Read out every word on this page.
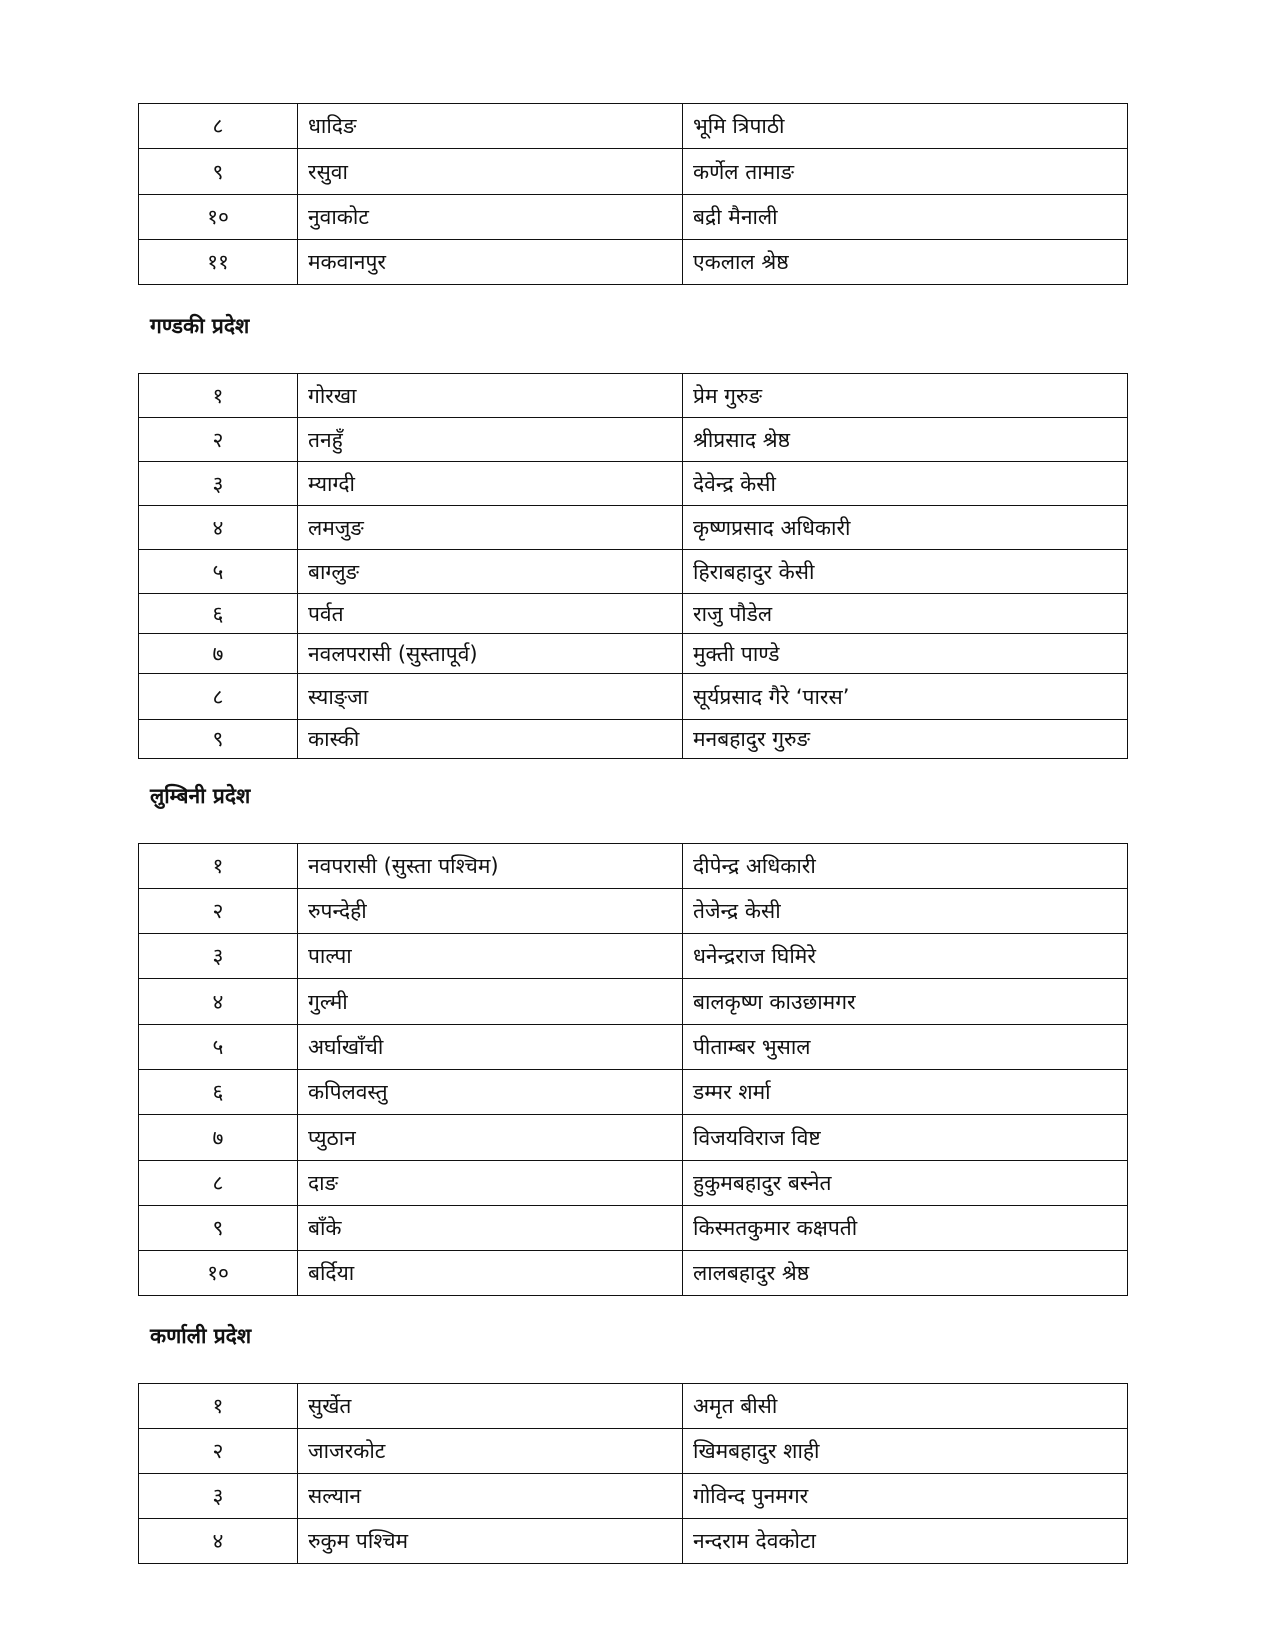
८	धादिङ	भूमि त्रिपाठी
९	रसुवा	कर्णेल तामाङ
१०	नुवाकोट	बद्री मैनाली
११	मकवानपुर	एकलाल श्रेष्ठ
गण्डकी प्रदेश
१	गोरखा	प्रेम गुरुङ
२	तनहुँ	श्रीप्रसाद श्रेष्ठ
३	म्याग्दी	देवेन्द्र केसी
४	लमजुङ	कृष्णप्रसाद अधिकारी
५	बाग्लुङ	हिराबहादुर केसी
६	पर्वत	राजु पौडेल
७	नवलपरासी (सुस्तापूर्व)	मुक्ती पाण्डे
८	स्याङ्जा	सूर्यप्रसाद गैरे ‘पारस’
९	कास्की	मनबहादुर गुरुङ
लुम्बिनी प्रदेश
१	नवपरासी (सुस्ता पश्चिम)	दीपेन्द्र अधिकारी
२	रुपन्देही	तेजेन्द्र केसी
३	पाल्पा	धनेन्द्रराज घिमिरे
४	गुल्मी	बालकृष्ण काउछामगर
५	अर्घाखाँची	पीताम्बर भुसाल
६	कपिलवस्तु	डम्मर शर्मा
७	प्युठान	विजयविराज विष्ट
८	दाङ	हुकुमबहादुर बस्नेत
९	बाँके	किस्मतकुमार कक्षपती
१०	बर्दिया	लालबहादुर श्रेष्ठ
कर्णाली प्रदेश
१	सुर्खेत	अमृत बीसी
२	जाजरकोट	खिमबहादुर शाही
३	सल्यान	गोविन्द पुनमगर
४	रुकुम पश्चिम	नन्दराम देवकोटा
